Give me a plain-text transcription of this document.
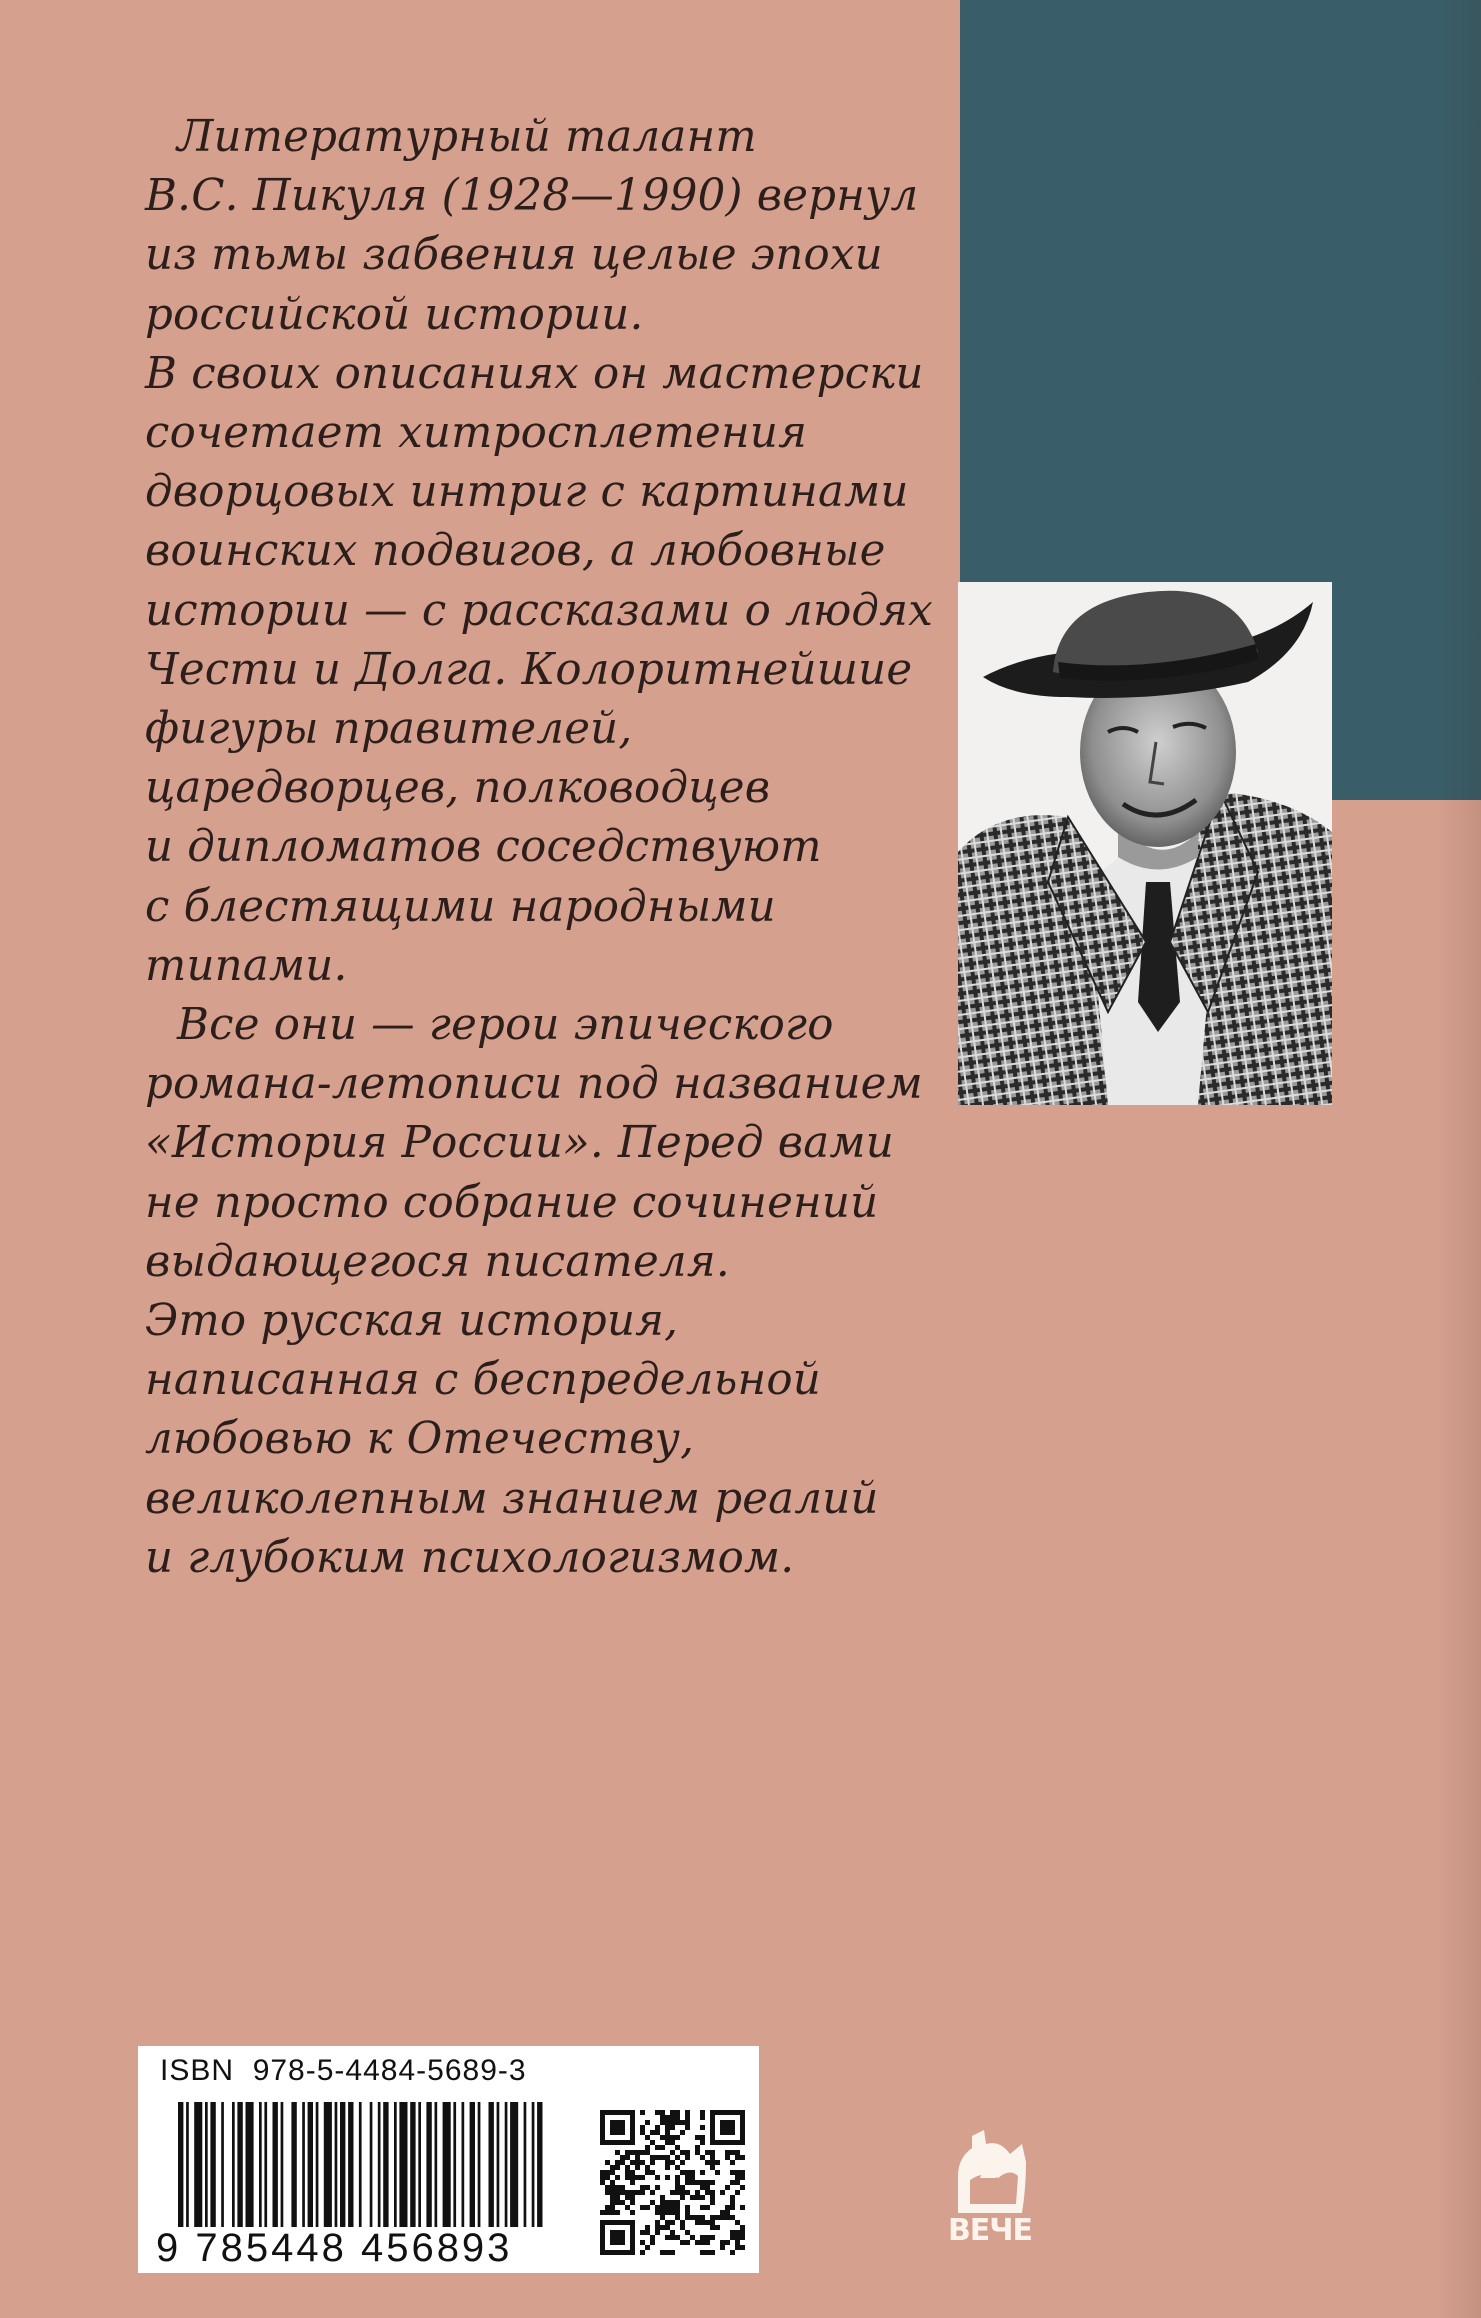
Литературный талант
В.С. Пикуля (1928—1990) вернул
из тьмы забвения целые эпохи
российской истории.
В своих описаниях он мастерски
сочетает хитросплетения
дворцовых интриг с картинами
воинских подвигов, а любовные
истории — с рассказами о людях
Чести и Долга. Колоритнейшие
фигуры правителей,
царедворцев, полководцев
и дипломатов соседствуют
с блестящими народными
типами.
Все они — герои эпического
романа-летописи под названием
«История России». Перед вами
не просто собрание сочинений
выдающегося писателя.
Это русская история,
написанная с беспредельной
любовью к Отечеству,
великолепным знанием реалий
и глубоким психологизмом.
ISBN  978-5-4484-5689-3
9 785448 456893	ВЕЧЕ
